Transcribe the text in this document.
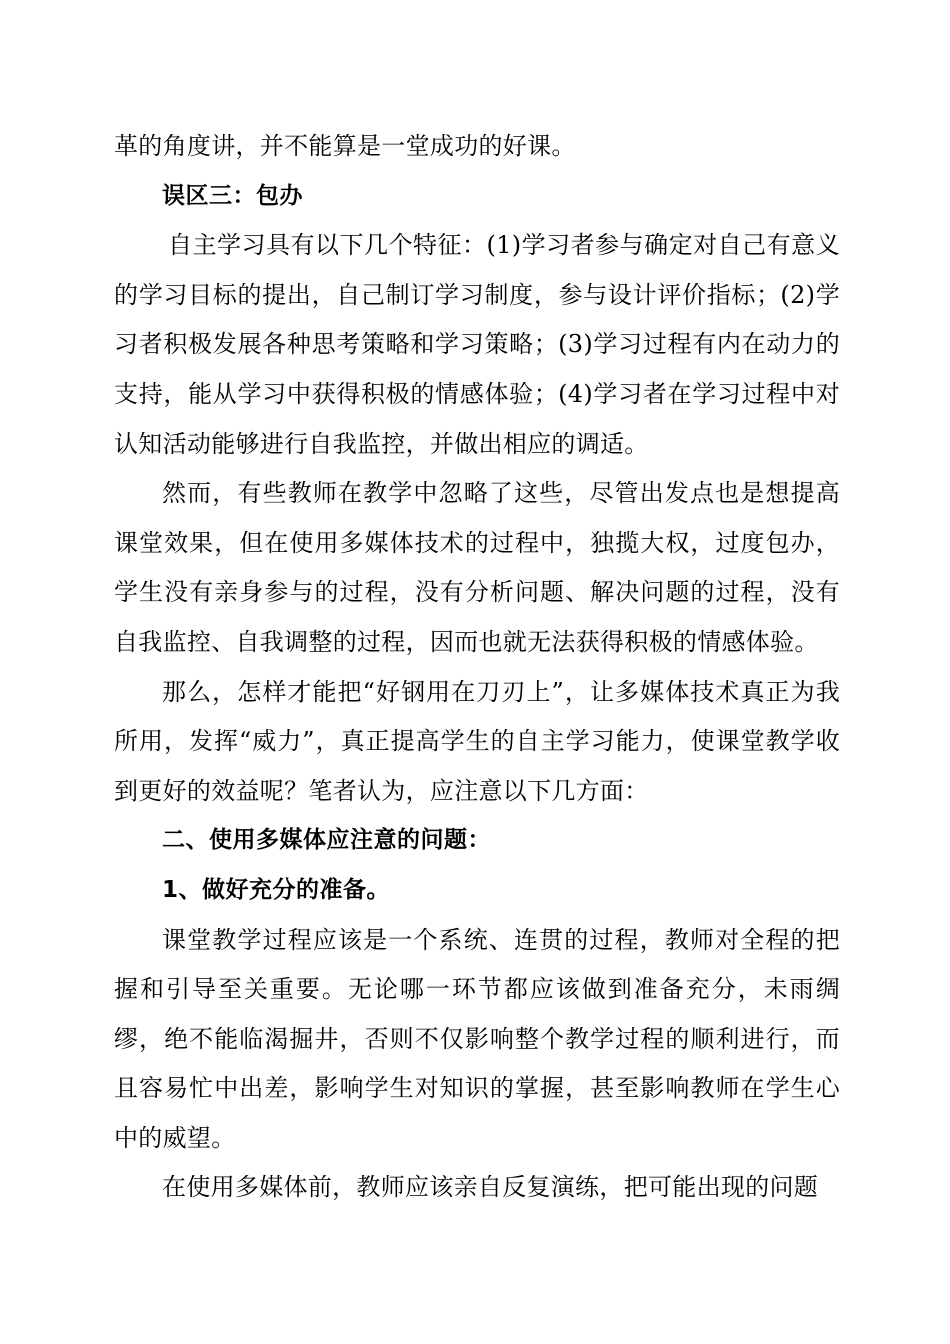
革的角度讲，并不能算是一堂成功的好课。

误区三：包办

自主学习具有以下几个特征：(1)学习者参与确定对自己有意义的学习目标的提出，自己制订学习制度，参与设计评价指标；(2)学习者积极发展各种思考策略和学习策略；(3)学习过程有内在动力的支持，能从学习中获得积极的情感体验；(4)学习者在学习过程中对认知活动能够进行自我监控，并做出相应的调适。

然而，有些教师在教学中忽略了这些，尽管出发点也是想提高课堂效果，但在使用多媒体技术的过程中，独揽大权，过度包办，学生没有亲身参与的过程，没有分析问题、解决问题的过程，没有自我监控、自我调整的过程，因而也就无法获得积极的情感体验。

那么，怎样才能把“好钢用在刀刃上”，让多媒体技术真正为我所用，发挥“威力”，真正提高学生的自主学习能力，使课堂教学收到更好的效益呢？笔者认为，应注意以下几方面：

二、使用多媒体应注意的问题：

1、做好充分的准备。

课堂教学过程应该是一个系统、连贯的过程，教师对全程的把握和引导至关重要。无论哪一环节都应该做到准备充分，未雨绸缪，绝不能临渴掘井，否则不仅影响整个教学过程的顺利进行，而且容易忙中出差，影响学生对知识的掌握，甚至影响教师在学生心中的威望。

在使用多媒体前，教师应该亲自反复演练，把可能出现的问题
